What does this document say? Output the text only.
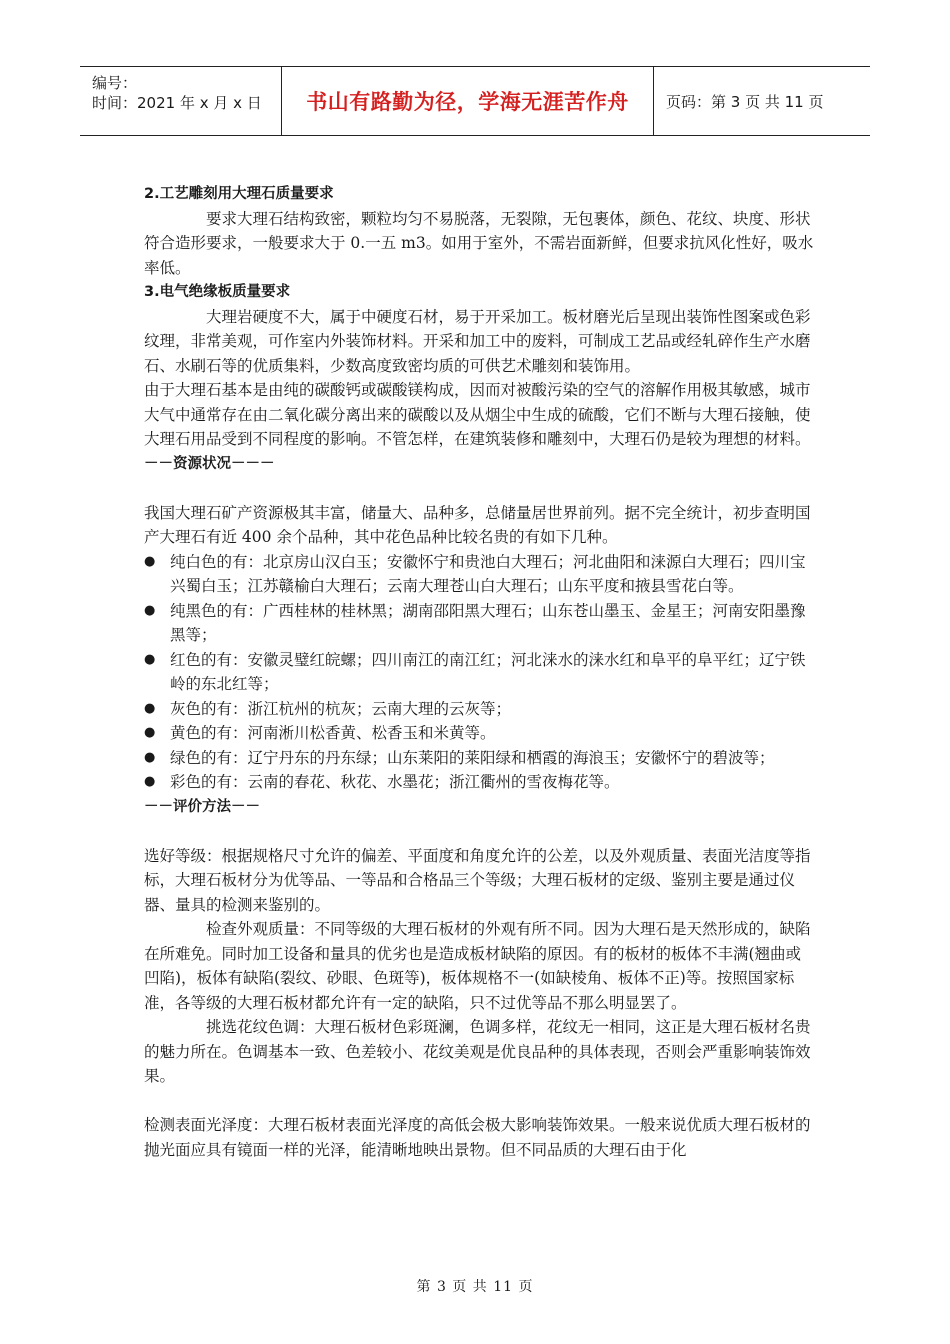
编号：
时间：2021 年 x 月 x 日	书山有路勤为径，学海无涯苦作舟	页码：第 3 页 共 11 页

2.工艺雕刻用大理石质量要求

要求大理石结构致密，颗粒均匀不易脱落，无裂隙，无包裹体，颜色、花纹、块度、形状符合造形要求，一般要求大于 0.一五 m3。如用于室外，不需岩面新鲜，但要求抗风化性好，吸水率低。

3.电气绝缘板质量要求

大理岩硬度不大，属于中硬度石材，易于开采加工。板材磨光后呈现出装饰性图案或色彩纹理，非常美观，可作室内外装饰材料。开采和加工中的废料，可制成工艺品或经轧碎作生产水磨石、水刷石等的优质集料，少数高度致密均质的可供艺术雕刻和装饰用。

由于大理石基本是由纯的碳酸钙或碳酸镁构成，因而对被酸污染的空气的溶解作用极其敏感，城市大气中通常存在由二氧化碳分离出来的碳酸以及从烟尘中生成的硫酸，它们不断与大理石接触，使大理石用品受到不同程度的影响。不管怎样，在建筑装修和雕刻中，大理石仍是较为理想的材料。

－－资源状况－－－

我国大理石矿产资源极其丰富，储量大、品种多，总储量居世界前列。据不完全统计，初步查明国产大理石有近 400 余个品种，其中花色品种比较名贵的有如下几种。

● 纯白色的有：北京房山汉白玉；安徽怀宁和贵池白大理石；河北曲阳和涞源白大理石；四川宝兴蜀白玉；江苏赣榆白大理石；云南大理苍山白大理石；山东平度和掖县雪花白等。
● 纯黑色的有：广西桂林的桂林黑；湖南邵阳黑大理石；山东苍山墨玉、金星王；河南安阳墨豫黑等；
● 红色的有：安徽灵璧红皖螺；四川南江的南江红；河北涞水的涞水红和阜平的阜平红；辽宁铁岭的东北红等；
● 灰色的有：浙江杭州的杭灰；云南大理的云灰等；
● 黄色的有：河南淅川松香黄、松香玉和米黄等。
● 绿色的有：辽宁丹东的丹东绿；山东莱阳的莱阳绿和栖霞的海浪玉；安徽怀宁的碧波等；
● 彩色的有：云南的春花、秋花、水墨花；浙江衢州的雪夜梅花等。

－－评价方法－－

选好等级：根据规格尺寸允许的偏差、平面度和角度允许的公差，以及外观质量、表面光洁度等指标，大理石板材分为优等品、一等品和合格品三个等级；大理石板材的定级、鉴别主要是通过仪器、量具的检测来鉴别的。

检查外观质量：不同等级的大理石板材的外观有所不同。因为大理石是天然形成的，缺陷在所难免。同时加工设备和量具的优劣也是造成板材缺陷的原因。有的板材的板体不丰满(翘曲或凹陷)，板体有缺陷(裂纹、砂眼、色斑等)，板体规格不一(如缺棱角、板体不正)等。按照国家标准，各等级的大理石板材都允许有一定的缺陷，只不过优等品不那么明显罢了。

挑选花纹色调：大理石板材色彩斑澜，色调多样，花纹无一相同，这正是大理石板材名贵的魅力所在。色调基本一致、色差较小、花纹美观是优良品种的具体表现，否则会严重影响装饰效果。

检测表面光泽度：大理石板材表面光泽度的高低会极大影响装饰效果。一般来说优质大理石板材的抛光面应具有镜面一样的光泽，能清晰地映出景物。但不同品质的大理石由于化

第 3 页 共 11 页
